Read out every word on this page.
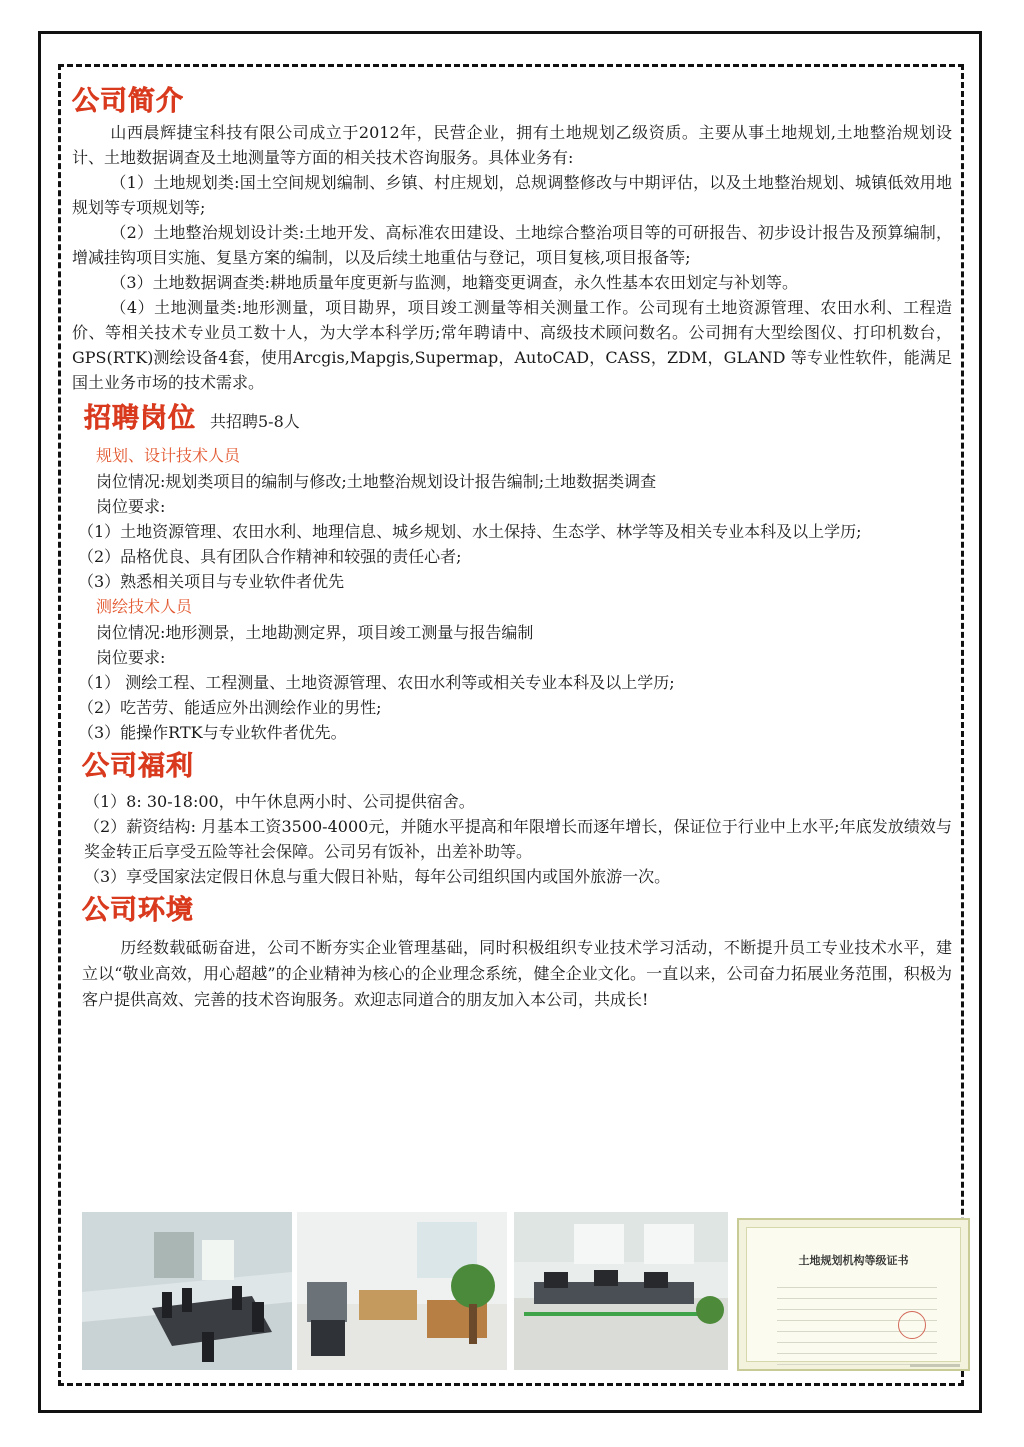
公司简介

山西晨辉捷宝科技有限公司成立于2012年，民营企业，拥有土地规划乙级资质。主要从事土地规划,土地整治规划设计、土地数据调查及土地测量等方面的相关技术咨询服务。具体业务有:

（1）土地规划类:国土空间规划编制、乡镇、村庄规划，总规调整修改与中期评估，以及土地整治规划、城镇低效用地规划等专项规划等;

（2）土地整治规划设计类:土地开发、高标准农田建设、土地综合整治项目等的可研报告、初步设计报告及预算编制，增减挂钩项目实施、复垦方案的编制，以及后续土地重估与登记，项目复核,项目报备等;

（3）土地数据调查类:耕地质量年度更新与监测，地籍变更调查，永久性基本农田划定与补划等。

（4）土地测量类:地形测量，项目勘界，项目竣工测量等相关测量工作。公司现有土地资源管理、农田水利、工程造价、等相关技术专业员工数十人，为大学本科学历;常年聘请中、高级技术顾问数名。公司拥有大型绘图仪、打印机数台，GPS(RTK)测绘设备4套，使用Arcgis,Mapgis,Supermap，AutoCAD，CASS，ZDM，GLAND 等专业性软件，能满足国土业务市场的技术需求。

招聘岗位 共招聘5-8人
规划、设计技术人员

岗位情况:规划类项目的编制与修改;土地整治规划设计报告编制;土地数据类调查

岗位要求:

（1）土地资源管理、农田水利、地理信息、城乡规划、水土保持、生态学、林学等及相关专业本科及以上学历;

（2）品格优良、具有团队合作精神和较强的责任心者;

（3）熟悉相关项目与专业软件者优先

测绘技术人员

岗位情况:地形测景，土地勘测定界，项目竣工测量与报告编制

岗位要求:

（1） 测绘工程、工程测量、土地资源管理、农田水利等或相关专业本科及以上学历;

（2）吃苦劳、能适应外出测绘作业的男性;

（3）能操作RTK与专业软件者优先。

公司福利

（1）8: 30-18:00，中午休息两小时、公司提供宿舍。

（2）薪资结构: 月基本工资3500-4000元，并随水平提高和年限增长而逐年增长，保证位于行业中上水平;年底发放绩效与奖金转正后享受五险等社会保障。公司另有饭补，出差补助等。

（3）享受国家法定假日休息与重大假日补贴，每年公司组织国内或国外旅游一次。

公司环境

历经数载砥砺奋进，公司不断夯实企业管理基础，同时积极组织专业技术学习活动，不断提升员工专业技术水平，建立以“敬业高效，用心超越”的企业精神为核心的企业理念系统，健全企业文化。一直以来，公司奋力拓展业务范围，积极为客户提供高效、完善的技术咨询服务。欢迎志同道合的朋友加入本公司，共成长!

土地规划机构等级证书
